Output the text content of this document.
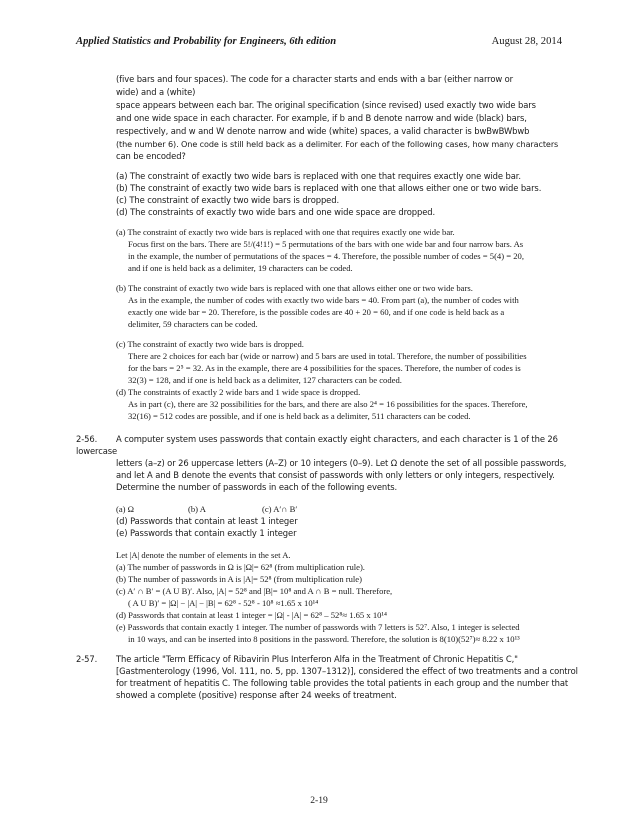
Applied Statistics and Probability for Engineers, 6th edition	August 28, 2014
(five bars and four spaces). The code for a character starts and ends with a bar (either narrow or
wide) and a (white)
space appears between each bar. The original specification (since revised) used exactly two wide bars
and one wide space in each character. For example, if b and B denote narrow and wide (black) bars,
respectively, and w and W denote narrow and wide (white) spaces, a valid character is bwBwBWbwb
(the number 6). One code is still held back as a delimiter. For each of the following cases, how many characters
can be encoded?
(a) The constraint of exactly two wide bars is replaced with one that requires exactly one wide bar.
(b) The constraint of exactly two wide bars is replaced with one that allows either one or two wide bars.
(c) The constraint of exactly two wide bars is dropped.
(d) The constraints of exactly two wide bars and one wide space are dropped.
(a) The constraint of exactly two wide bars is replaced with one that requires exactly one wide bar.
Focus first on the bars. There are 5!/(4!1!) = 5 permutations of the bars with one wide bar and four narrow bars. As
in the example, the number of permutations of the spaces = 4. Therefore, the possible number of codes = 5(4) = 20,
and if one is held back as a delimiter, 19 characters can be coded.
(b) The constraint of exactly two wide bars is replaced with one that allows either one or two wide bars.
As in the example, the number of codes with exactly two wide bars = 40. From part (a), the number of codes with
exactly one wide bar = 20. Therefore, is the possible codes are 40 + 20 = 60, and if one code is held back as a
delimiter, 59 characters can be coded.
(c) The constraint of exactly two wide bars is dropped.
There are 2 choices for each bar (wide or narrow) and 5 bars are used in total. Therefore, the number of possibilities
for the bars = 2⁵ = 32. As in the example, there are 4 possibilities for the spaces. Therefore, the number of codes is
32(3) = 128, and if one is held back as a delimiter, 127 characters can be coded.
(d) The constraints of exactly 2 wide bars and 1 wide space is dropped.
As in part (c), there are 32 possibilities for the bars, and there are also 2⁴ = 16 possibilities for the spaces. Therefore,
32(16) = 512 codes are possible, and if one is held back as a delimiter, 511 characters can be coded.
2-56. A computer system uses passwords that contain exactly eight characters, and each character is 1 of the 26
lowercase
letters (a–z) or 26 uppercase letters (A–Z) or 10 integers (0–9). Let Ω denote the set of all possible passwords,
and let A and B denote the events that consist of passwords with only letters or only integers, respectively.
Determine the number of passwords in each of the following events.
(a) Ω	(b) A	(c) A′∩ B′
(d) Passwords that contain at least 1 integer
(e) Passwords that contain exactly 1 integer
Let |A| denote the number of elements in the set A.
(a) The number of passwords in Ω is |Ω|= 62⁸ (from multiplication rule).
(b) The number of passwords in A is |A|= 52⁸ (from multiplication rule)
(c) A′ ∩ B′ = (A U B)′. Also, |A| = 52⁸ and |B|= 10⁸ and A ∩ B = null. Therefore,
( A U B)′ = |Ω| − |A| − |B| = 62⁸ - 52⁸ - 10⁸ ≈1.65 x 10¹⁴
(d) Passwords that contain at least 1 integer = |Ω| - |A| = 62⁸ – 52⁸≈ 1.65 x 10¹⁴
(e) Passwords that contain exactly 1 integer. The number of passwords with 7 letters is 52⁷. Also, 1 integer is selected
in 10 ways, and can be inserted into 8 positions in the password. Therefore, the solution is 8(10)(52⁷)≈ 8.22 x 10¹³
2-57. The article "Term Efficacy of Ribavirin Plus Interferon Alfa in the Treatment of Chronic Hepatitis C,"
[Gastmenterology (1996, Vol. 111, no. 5, pp. 1307–1312)], considered the effect of two treatments and a control
for treatment of hepatitis C. The following table provides the total patients in each group and the number that
showed a complete (positive) response after 24 weeks of treatment.
2-19
